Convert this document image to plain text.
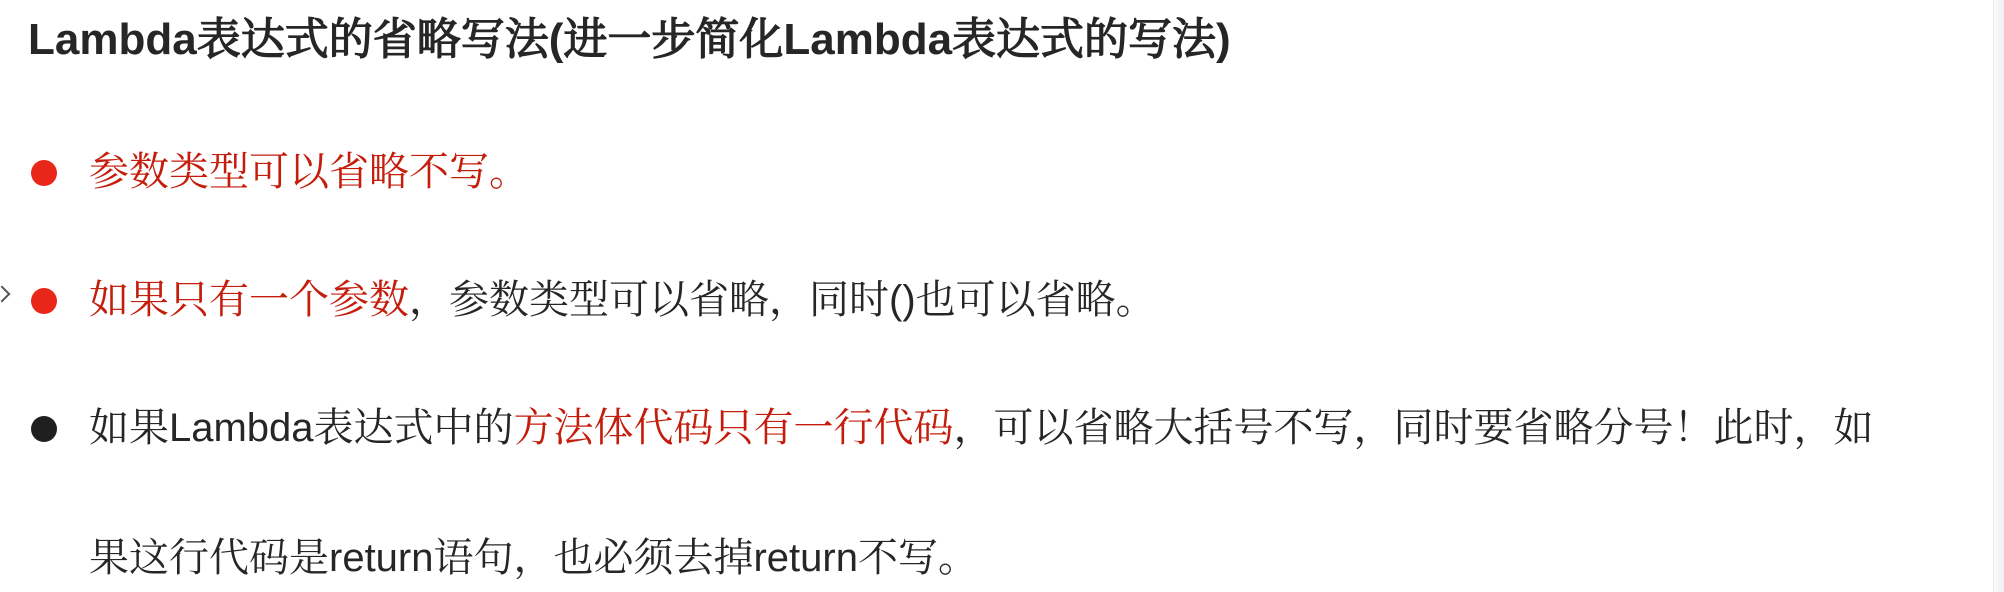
Lambda表达式的省略写法(进一步简化Lambda表达式的写法)
参数类型可以省略不写。
如果只有一个参数，参数类型可以省略，同时()也可以省略。
如果Lambda表达式中的方法体代码只有一行代码，可以省略大括号不写，同时要省略分号！此时，如
果这行代码是return语句，也必须去掉return不写。
